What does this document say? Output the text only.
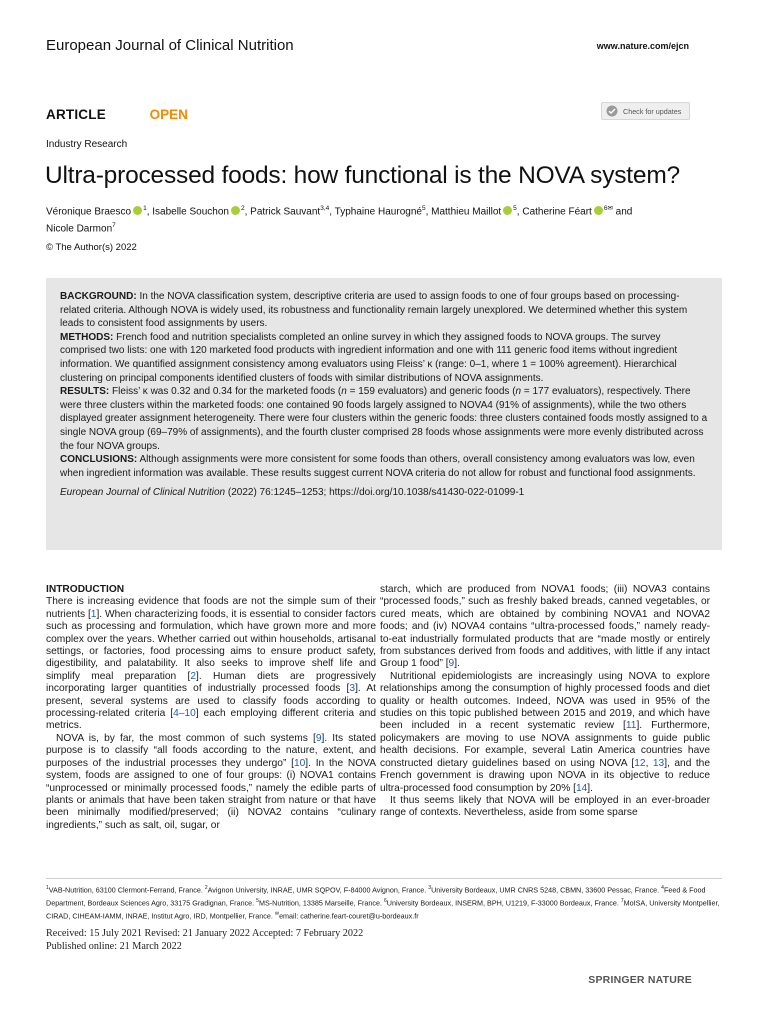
European Journal of Clinical Nutrition	www.nature.com/ejcn
ARTICLE	OPEN	Check for updates
Industry Research
Ultra-processed foods: how functional is the NOVA system?
Véronique Braesco $^1$, Isabelle Souchon $^2$, Patrick Sauvant$^{3,4}$, Typhaine Haurogné$^5$, Matthieu Maillot $^5$, Catherine Féart $^{6✉}$ and
Nicole Darmon$^7$
© The Author(s) 2022

BACKGROUND: In the NOVA classification system, descriptive criteria are used to assign foods to one of four groups based on processing-related criteria. Although NOVA is widely used, its robustness and functionality remain largely unexplored. We determined whether this system leads to consistent food assignments by users.

METHODS: French food and nutrition specialists completed an online survey in which they assigned foods to NOVA groups. The survey comprised two lists: one with 120 marketed food products with ingredient information and one with 111 generic food items without ingredient information. We quantified assignment consistency among evaluators using Fleiss’ κ (range: 0–1, where 1 = 100% agreement). Hierarchical clustering on principal components identified clusters of foods with similar distributions of NOVA assignments.

RESULTS: Fleiss’ κ was 0.32 and 0.34 for the marketed foods (n = 159 evaluators) and generic foods (n = 177 evaluators), respectively. There were three clusters within the marketed foods: one contained 90 foods largely assigned to NOVA4 (91% of assignments), while the two others displayed greater assignment heterogeneity. There were four clusters within the generic foods: three clusters contained foods mostly assigned to a single NOVA group (69–79% of assignments), and the fourth cluster comprised 28 foods whose assignments were more evenly distributed across the four NOVA groups.

CONCLUSIONS: Although assignments were more consistent for some foods than others, overall consistency among evaluators was low, even when ingredient information was available. These results suggest current NOVA criteria do not allow for robust and functional food assignments.

European Journal of Clinical Nutrition (2022) 76:1245–1253; https://doi.org/10.1038/s41430-022-01099-1

INTRODUCTION

There is increasing evidence that foods are not the simple sum of their nutrients [1]. When characterizing foods, it is essential to consider factors such as processing and formulation, which have grown more and more complex over the years. Whether carried out within households, artisanal settings, or factories, food processing aims to ensure product safety, digestibility, and palatability. It also seeks to improve shelf life and simplify meal preparation [2]. Human diets are progressively incorporating larger quantities of industrially processed foods [3]. At present, several systems are used to classify foods according to processing-related criteria [4–10] each employing different criteria and metrics.

NOVA is, by far, the most common of such systems [9]. Its stated purpose is to classify “all foods according to the nature, extent, and purposes of the industrial processes they undergo” [10]. In the NOVA system, foods are assigned to one of four groups: (i) NOVA1 contains “unprocessed or minimally processed foods,” namely the edible parts of plants or animals that have been taken straight from nature or that have been minimally modified/preserved; (ii) NOVA2 contains “culinary ingredients,” such as salt, oil, sugar, or

starch, which are produced from NOVA1 foods; (iii) NOVA3 contains “processed foods,” such as freshly baked breads, canned vegetables, or cured meats, which are obtained by combining NOVA1 and NOVA2 foods; and (iv) NOVA4 contains “ultra-processed foods,” namely ready-to-eat industrially formulated products that are “made mostly or entirely from substances derived from foods and additives, with little if any intact Group 1 food” [9].

Nutritional epidemiologists are increasingly using NOVA to explore relationships among the consumption of highly processed foods and diet quality or health outcomes. Indeed, NOVA was used in 95% of the studies on this topic published between 2015 and 2019, and which have been included in a recent systematic review [11]. Furthermore, policymakers are moving to use NOVA assignments to guide public health decisions. For example, several Latin America countries have constructed dietary guidelines based on using NOVA [12, 13], and the French government is drawing upon NOVA in its objective to reduce ultra-processed food consumption by 20% [14].

It thus seems likely that NOVA will be employed in an ever-broader range of contexts. Nevertheless, aside from some sparse

$^1$VAB-Nutrition, 63100 Clermont-Ferrand, France. $^2$Avignon University, INRAE, UMR SQPOV, F-84000 Avignon, France. $^3$University Bordeaux, UMR CNRS 5248, CBMN, 33600 Pessac, France. $^4$Feed & Food Department, Bordeaux Sciences Agro, 33175 Gradignan, France. $^5$MS-Nutrition, 13385 Marseille, France. $^6$University Bordeaux, INSERM, BPH, U1219, F-33000 Bordeaux, France. $^7$MoISA, University Montpellier, CIRAD, CIHEAM-IAMM, INRAE, Institut Agro, IRD, Montpellier, France. ✉email: catherine.feart-couret@u-bordeaux.fr
Received: 15 July 2021 Revised: 21 January 2022 Accepted: 7 February 2022
Published online: 21 March 2022
SPRINGER NATURE
